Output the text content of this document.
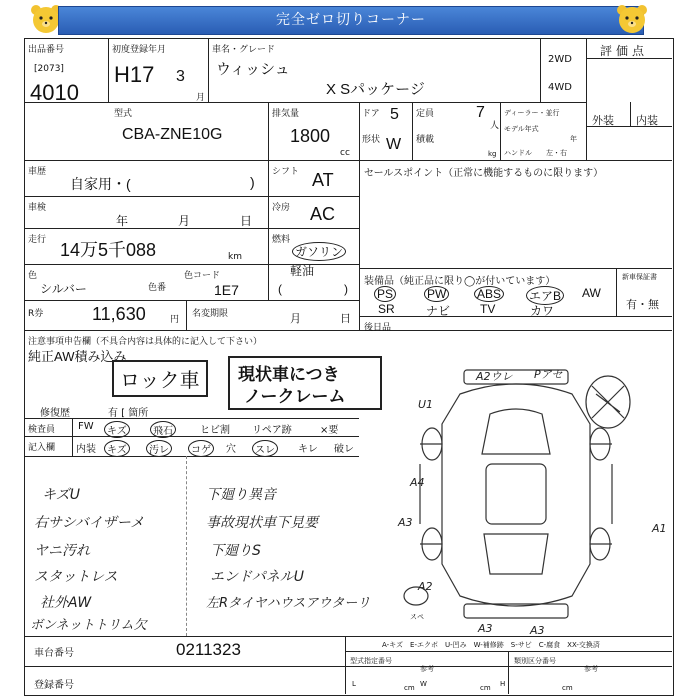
完全ゼロ切りコーナー
出品番号
[2073]
4010
初度登録年月
H17 3
月
車名・グレード
ウィッシュ
X Sパッケージ
2WD
4WD
評価点
外装 内装
型式
CBA-ZNE10G
排気量
1800
cc
ドア 5 定員	7
人
形状 W 積載
kg
ディーラー・並行
モデル年式
年
ハンドル 左・右
車歴
自家用・(	)
シフト AT	セールスポイント（正常に機能するものに限ります）
車検
年	月	日
冷房 AC
走行 14万5千088	km
燃料
ガソリン
軽油
(	)
色
シルバー	色番
色コード
1E7
装備品（純正品に限り◯が付いています）
PS	PW	ABS エアB AW
SR	ナビ TV	カワ
新車保証書
有・無
R券	11,630	円
名変期限	月	日
後日品
注意事項申告欄（不具合内容は具体的に記入して下さい）
純正AW積み込み
ロック車	現状車につき
ノークレーム
修復歴	有 [ 箇所
検査員
記入欄
FW	キズ	飛石	ヒビ割 リペア跡	×要
内装	キズ	汚レ	コゲ	穴	スレ	キレ 破レ
キズU
右サシバイザーメ
ヤニ汚れ
スタットレス
社外AW
ボンネットトリム欠
下廻り異音
事故現状車下見要
下廻りS
エンドパネルU
左Rタイヤハウスアウターリ
A2ウレ Pアセ
U1
A4
A3	A1
A2
A3	A3
スペ
A-キズ　E-エクボ　U-凹み　W-補修跡　S-サビ　C-腐食　XX-交換済
車台番号	0211323
登録番号
型式指定番号
参考
類別区分番号
参考
L	cm W	cm H	cm
